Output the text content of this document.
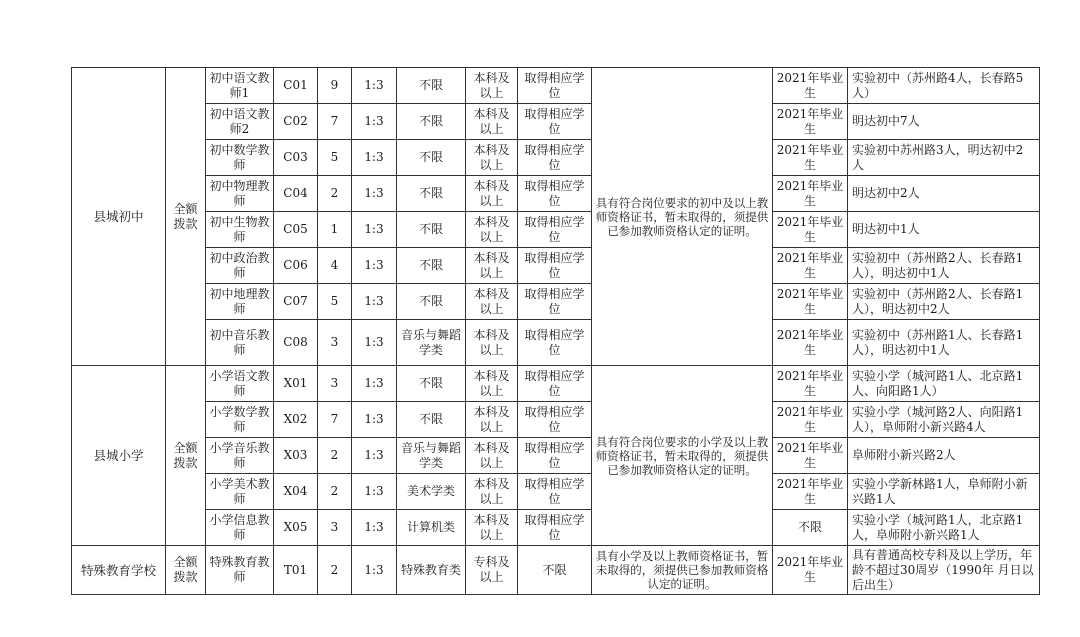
县城初中	全额拨款	初中语文教师1	C01	9	1:3	不限	本科及以上	取得相应学位	具有符合岗位要求的初中及以上教师资格证书，暂未取得的，须提供已参加教师资格认定的证明。	2021年毕业生	实验初中（苏州路4人，长春路5人）
		初中语文教师2	C02	7	1:3	不限	本科及以上	取得相应学位		2021年毕业生	明达初中7人
		初中数学教师	C03	5	1:3	不限	本科及以上	取得相应学位		2021年毕业生	实验初中苏州路3人，明达初中2人
		初中物理教师	C04	2	1:3	不限	本科及以上	取得相应学位		2021年毕业生	明达初中2人
		初中生物教师	C05	1	1:3	不限	本科及以上	取得相应学位		2021年毕业生	明达初中1人
		初中政治教师	C06	4	1:3	不限	本科及以上	取得相应学位		2021年毕业生	实验初中（苏州路2人、长春路1人），明达初中1人
		初中地理教师	C07	5	1:3	不限	本科及以上	取得相应学位		2021年毕业生	实验初中（苏州路2人、长春路1人），明达初中2人
		初中音乐教师	C08	3	1:3	音乐与舞蹈学类	本科及以上	取得相应学位		2021年毕业生	实验初中（苏州路1人、长春路1人），明达初中1人
县城小学	全额拨款	小学语文教师	X01	3	1:3	不限	本科及以上	取得相应学位	具有符合岗位要求的小学及以上教师资格证书，暂未取得的，须提供已参加教师资格认定的证明。	2021年毕业生	实验小学（城河路1人、北京路1人、向阳路1人）
		小学数学教师	X02	7	1:3	不限	本科及以上	取得相应学位		2021年毕业生	实验小学（城河路2人、向阳路1人），阜师附小新兴路4人
		小学音乐教师	X03	2	1:3	音乐与舞蹈学类	本科及以上	取得相应学位		2021年毕业生	阜师附小新兴路2人
		小学美术教师	X04	2	1:3	美术学类	本科及以上	取得相应学位		2021年毕业生	实验小学新林路1人，阜师附小新兴路1人
		小学信息教师	X05	3	1:3	计算机类	本科及以上	取得相应学位		不限	实验小学（城河路1人，北京路1人，阜师附小新兴路1人
特殊教育学校	全额拨款	特殊教育教师	T01	2	1:3	特殊教育类	专科及以上	不限	具有小学及以上教师资格证书，暂未取得的，须提供已参加教师资格认定的证明。	2021年毕业生	具有普通高校专科及以上学历，年龄不超过30周岁（1990年 月日以后出生）
